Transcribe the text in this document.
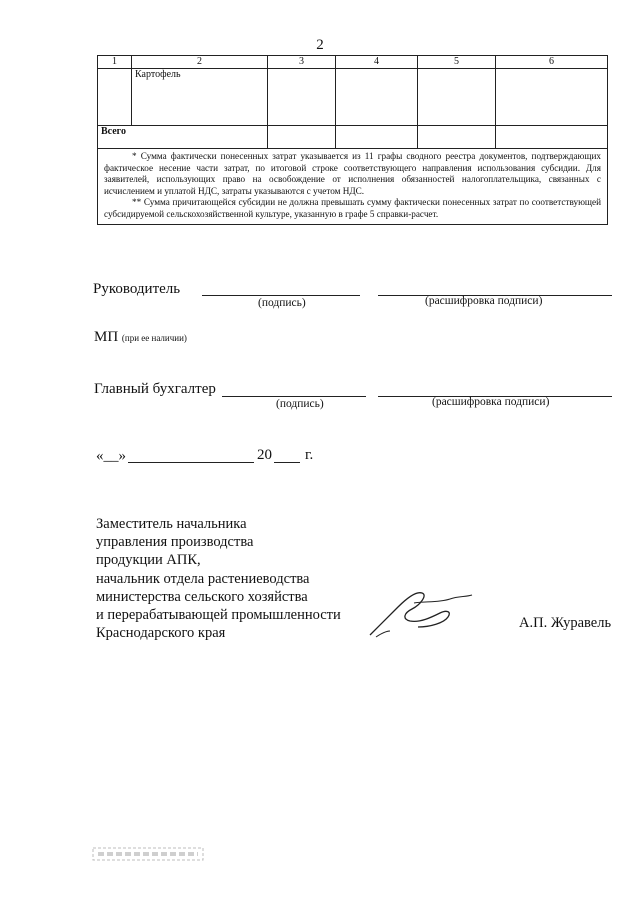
2
1	2	3	4	5	6
	Картофель				
Всего					

* Сумма фактически понесенных затрат указывается из 11 графы сводного реестра документов, подтверждающих фактическое несение части затрат, по итоговой строке соответствующего направления использования субсидии. Для заявителей, использующих право на освобождение от исполнения обязанностей налогоплательщика, связанных с исчислением и уплатой НДС, затраты указываются с учетом НДС.

** Сумма причитающейся субсидии не должна превышать сумму фактически понесенных затрат по соответствующей субсидируемой сельскохозяйственной культуре, указанную в графе 5 справки-расчет.					

Руководитель
(подпись)	(расшифровка подписи)
МП (при ее наличии)
Главный бухгалтер
(подпись)	(расшифровка подписи)
«__»	20 г.
Заместитель начальника
управления производства
продукции АПК,
начальник отдела растениеводства
министерства сельского хозяйства
и перерабатывающей промышленности
Краснодарского края
А.П. Журавель
